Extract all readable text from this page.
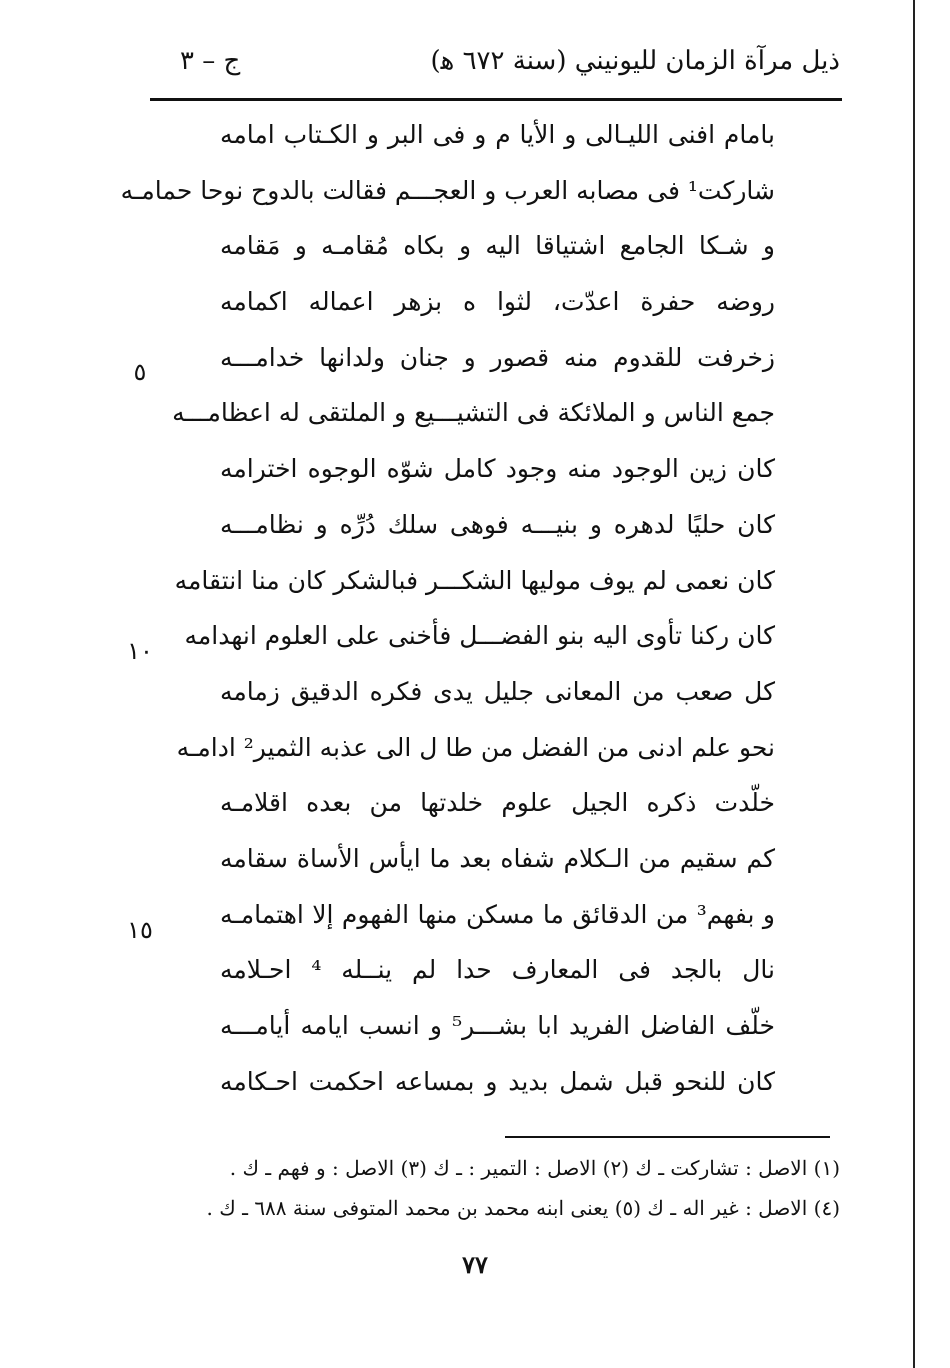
ذيل مرآة الزمان لليونيني (سنة ٦٧٢ ﻫ)
ج – ٣
بامام افنى الليـالى و الأيا م و فى البر و الكـتاب امامه
شاركت¹ فى مصابه العرب و العجـــم فقالت بالدوح نوحا حمامـه
و شـكا الجامع اشتياقا اليه و بكاه مُقامـه و مَقامه
روضه حفرة اعدّت، لثوا ه بزهر اعماله اكمامه
زخرفت للقدوم منه قصور و جنان ولدانها خدامـــه
جمع الناس و الملائكة فى التشيـــيع و الملتقى له اعظامـــه
كان زين الوجود منه وجود كامل شوّه الوجوه اخترامه
كان حليًا لدهره و بنيـــه فوهى سلك دُرِّه و نظامـــه
كان نعمى لم يوف موليها الشكـــر فبالشكر كان منا انتقامه
كان ركنا تأوى اليه بنو الفضـــل فأخنى على العلوم انهدامه
كل صعب من المعانى جليل يدى فكره الدقيق زمامه
نحو علم ادنى من الفضل من طا ل الى عذبه الثمير² ادامـه
خلّدت ذكره الجيل علوم خلدتها من بعده اقلامـه
كم سقيم من الـكلام شفاه بعد ما ايأس الأساة سقامه
و بفهم³ من الدقائق ما مسكن منها الفهوم إلا اهتمامـه
نال بالجد فى المعارف حدا لم ينــله ⁴ احـلامه
خلّف الفاضل الفريد ابا بشـــر⁵ و انسب ايامه أيامـــه
كان للنحو قبل شمل بديد و بمساعه احكمت احـكامه
٥
١٠
١٥
(١) الاصل : تشاركت ـ ك (٢) الاصل : التمير : ـ ك (٣) الاصل : و فهم ـ ك .
(٤) الاصل : غير اله ـ ك (٥) يعنى ابنه محمد بن محمد المتوفى سنة ٦٨٨ ـ ك .
٧٧
